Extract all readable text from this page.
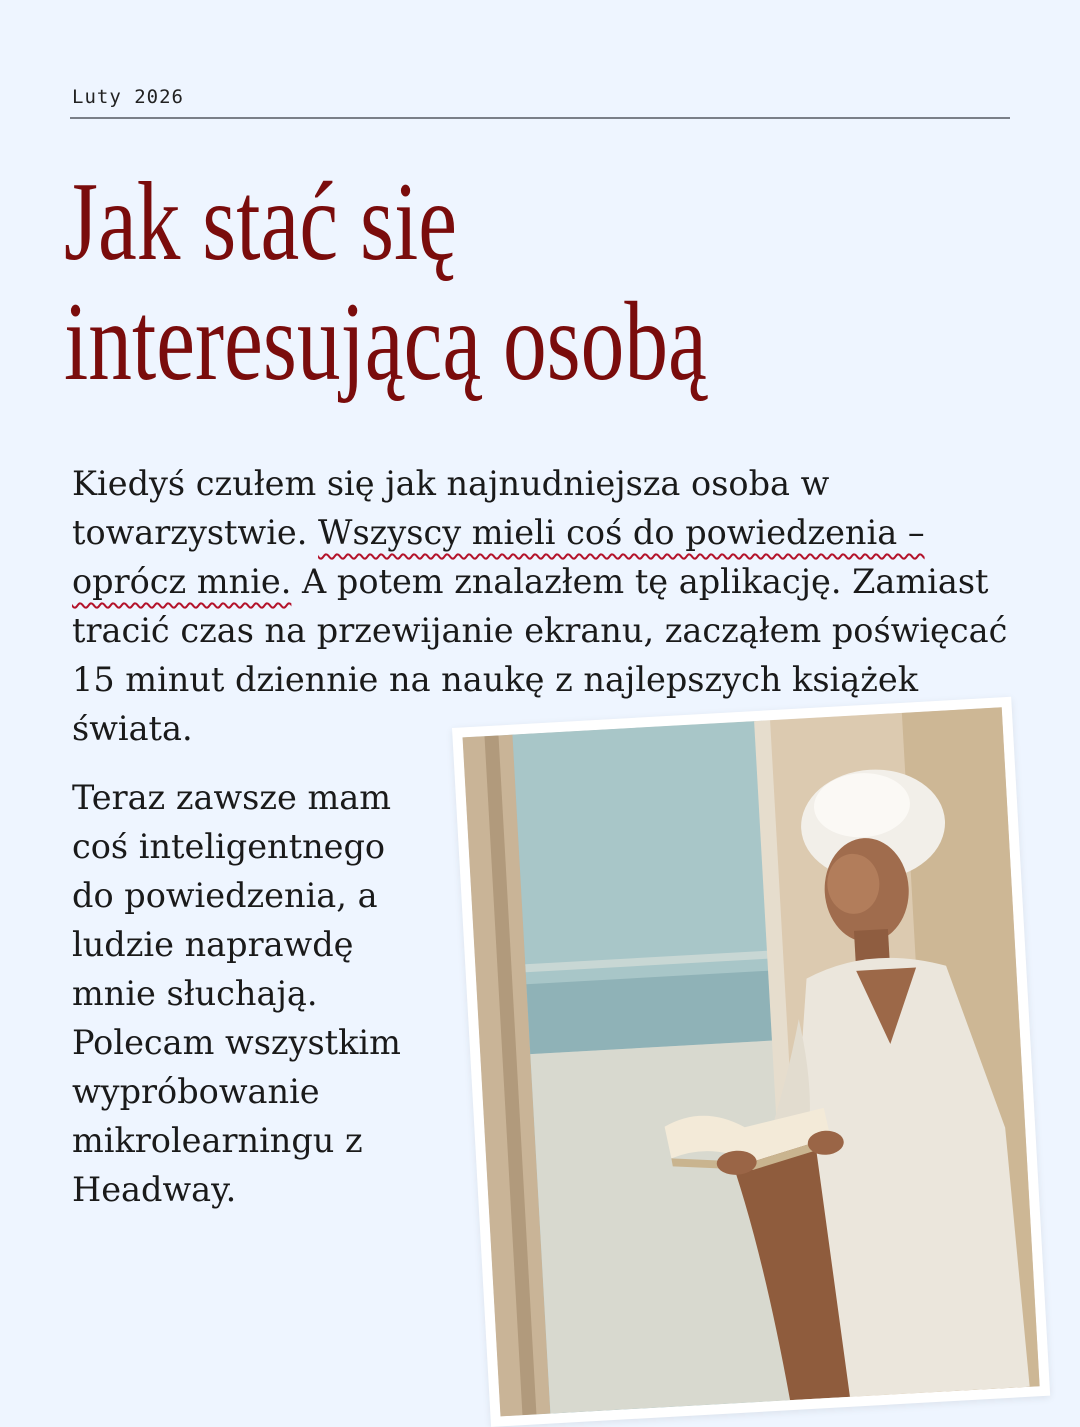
Luty 2026
Jak stać się
interesującą osobą

Kiedyś czułem się jak najnudniejsza osoba w towarzystwie. Wszyscy mieli coś do powiedzenia – oprócz mnie. A potem znalazłem tę aplikację. Zamiast tracić czas na przewijanie ekranu, zacząłem poświęcać 15 minut dziennie na naukę z najlepszych książek świata.

Teraz zawsze mam coś inteligentnego do powiedzenia, a ludzie naprawdę mnie słuchają. Polecam wszystkim wypróbowanie mikrolearningu z Headway.
